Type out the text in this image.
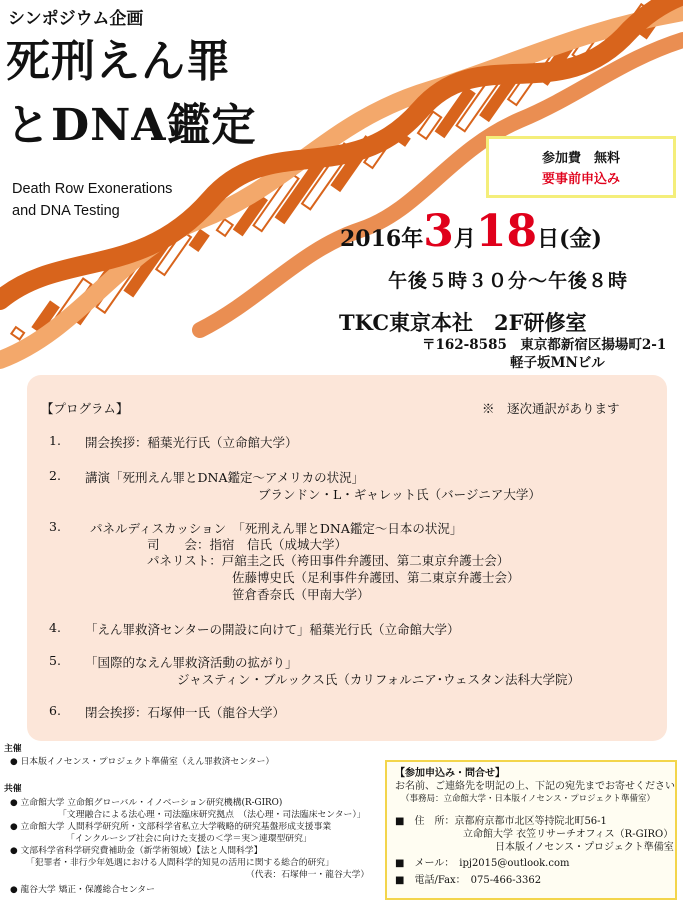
シンポジウム企画
死刑えん罪
とDNA鑑定
Death Row Exonerations
and DNA Testing
参加費　無料
要事前申込み
2016年3月18日(金)
午後５時３０分～午後８時
TKC東京本社　2F研修室
〒162-8585　東京都新宿区揚場町2-1
軽子坂MNビル
【プログラム】	※　逐次通訳があります
1. 開会挨拶：稲葉光行氏（立命館大学）
2. 講演「死刑えん罪とDNA鑑定～アメリカの状況」
ブランドン・L・ギャレット氏（バージニア大学）
3. パネルディスカッション　「死刑えん罪とDNA鑑定～日本の状況」
司　　会：指宿　信氏（成城大学）
パネリスト：戸舘圭之氏（袴田事件弁護団、第二東京弁護士会）
佐藤博史氏（足利事件弁護団、第二東京弁護士会）
笹倉香奈氏（甲南大学）
4. 「えん罪救済センターの開設に向けて」稲葉光行氏（立命館大学）
5. 「国際的なえん罪救済活動の拡がり」
ジャスティン・ブルックス氏（カリフォルニア･ウェスタン法科大学院）
6. 閉会挨拶：石塚伸一氏（龍谷大学）
主催
● 日本版イノセンス・プロジェクト準備室（えん罪救済センター）
共催
● 立命館大学 立命館グローバル・イノベーション研究機構(R-GIRO)
「文理融合による法心理・司法臨床研究拠点　（法心理・司法臨床センター）」
● 立命館大学 人間科学研究所・文部科学省私立大学戦略的研究基盤形成支援事業
「インクルーシブ社会に向けた支援の＜学＝実＞連環型研究」
● 文部科学省科学研究費補助金（新学術領域）【法と人間科学】
「犯罪者・非行少年処遇における人間科学的知見の活用に関する総合的研究」
（代表：石塚伸一・龍谷大学）
● 龍谷大学 矯正・保護総合センター
【参加申込み・問合せ】
お名前、ご連絡先を明記の上、下記の宛先までお寄せください
（事務局：立命館大学・日本版イノセンス・プロジェクト準備室）
■　住　所：京都府京都市北区等持院北町56-1
立命館大学 衣笠リサーチオフィス（R-GIRO）
日本版イノセンス・プロジェクト準備室
■　メール：　ipj2015@outlook.com
■　電話/Fax：　075-466-3362
